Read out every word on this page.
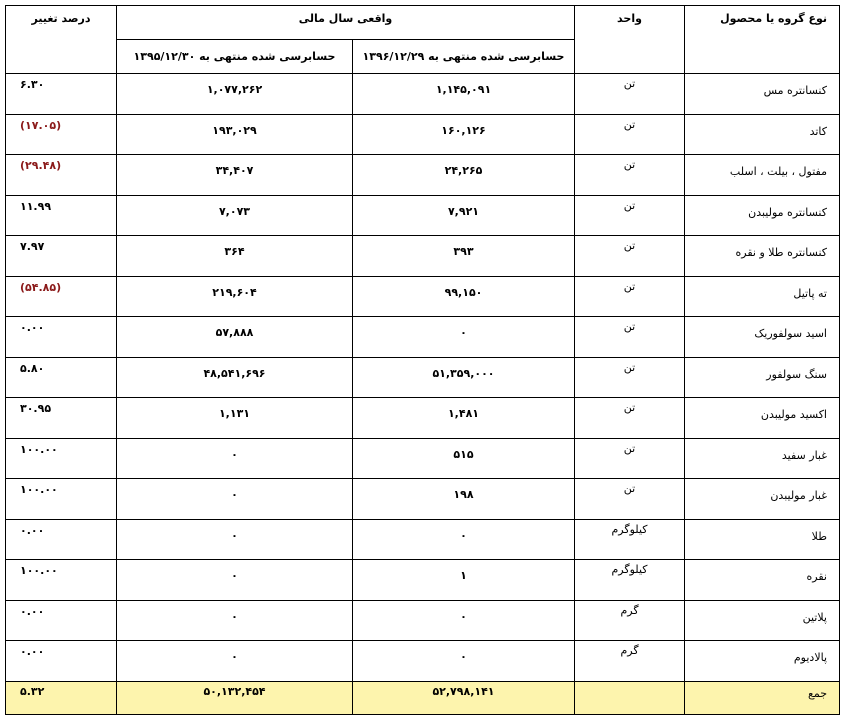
نوع گروه يا محصول	واحد	واقعی سال مالی		درصد تغيير
		حسابرسی شده منتهی به ۱۳۹۶/۱۲/۲۹	حسابرسی شده منتهی به ۱۳۹۵/۱۲/۳۰	
كنسانتره مس	تن	۱,۱۴۵,۰۹۱	۱,۰۷۷,۲۶۲	۶.۳۰
كاتد	تن	۱۶۰,۱۲۶	۱۹۳,۰۲۹	(۱۷.۰۵)
مفتول ، بيلت ، اسلب	تن	۲۴,۲۶۵	۳۴,۴۰۷	(۲۹.۴۸)
كنسانتره موليبدن	تن	۷,۹۲۱	۷,۰۷۳	۱۱.۹۹
كنسانتره طلا و نقره	تن	۳۹۳	۳۶۴	۷.۹۷
ته پاتيل	تن	۹۹,۱۵۰	۲۱۹,۶۰۴	(۵۴.۸۵)
اسيد سولفوريک	تن	۰	۵۷,۸۸۸	۰.۰۰
سنگ سولفور	تن	۵۱,۳۵۹,۰۰۰	۴۸,۵۴۱,۶۹۶	۵.۸۰
اكسيد موليبدن	تن	۱,۴۸۱	۱,۱۳۱	۳۰.۹۵
غبار سفيد	تن	۵۱۵	۰	۱۰۰.۰۰
غبار موليبدن	تن	۱۹۸	۰	۱۰۰.۰۰
طلا	كيلوگرم	۰	۰	۰.۰۰
نقره	كيلوگرم	۱	۰	۱۰۰.۰۰
پلاتين	گرم	۰	۰	۰.۰۰
پالاديوم	گرم	۰	۰	۰.۰۰
جمع		۵۲,۷۹۸,۱۴۱	۵۰,۱۳۲,۴۵۴	۵.۳۲
